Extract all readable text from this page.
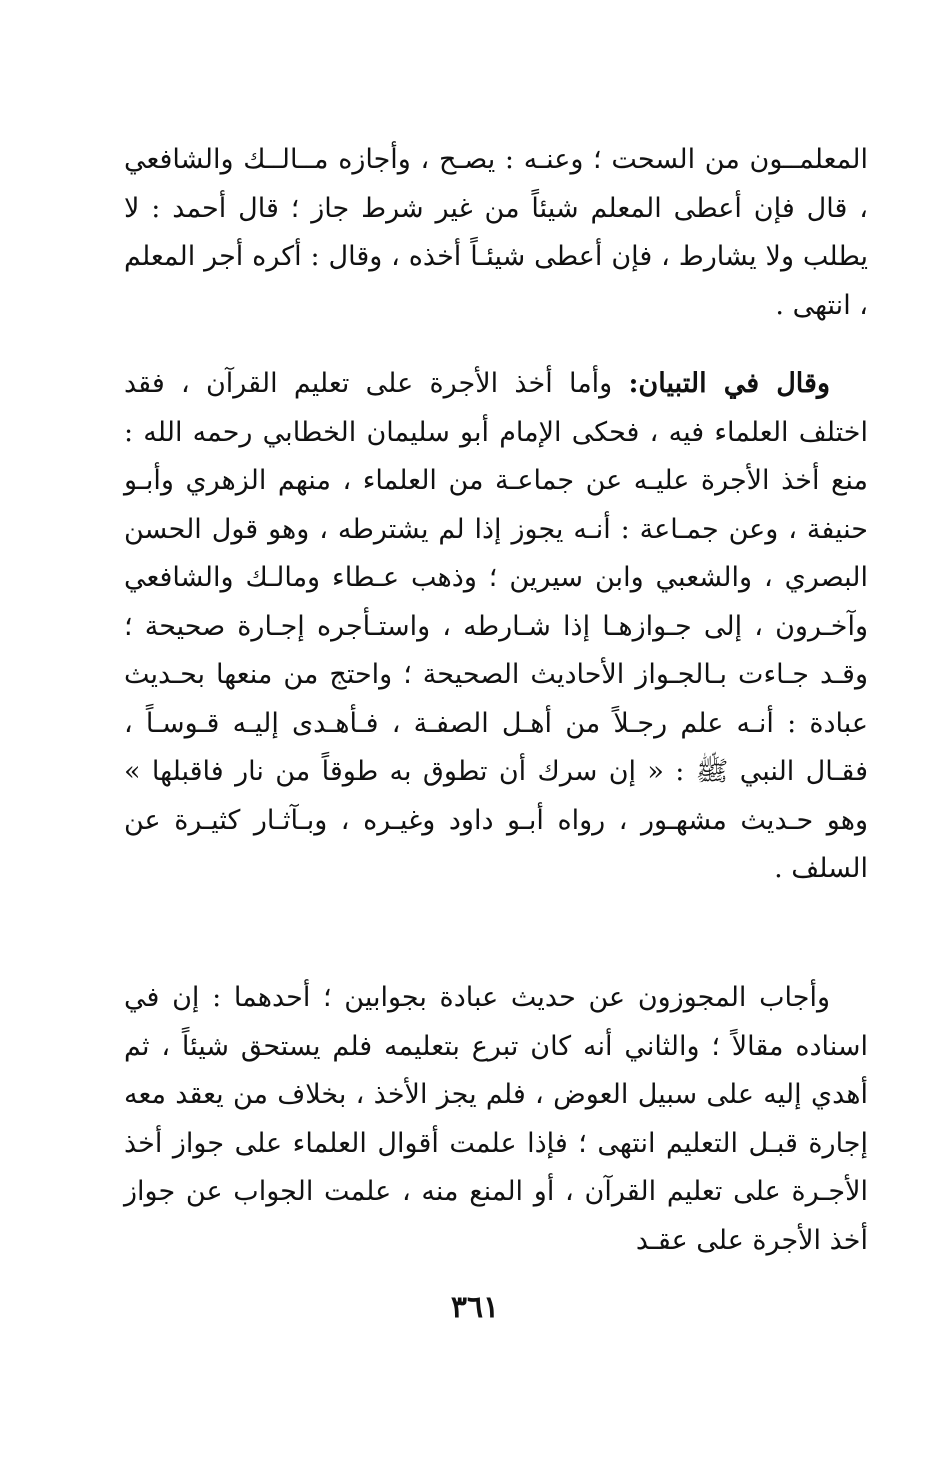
المعلمــون من السحت ؛ وعنـه : يصـح ، وأجازه مــالــك والشافعي ، قال فإن أعطى المعلم شيئاً من غير شرط جاز ؛ قال أحمد : لا يطلب ولا يشارط ، فإن أعطى شيئـاً أخذه ، وقال : أكره أجر المعلم ، انتهى .

وقال في التبيان: وأما أخذ الأجرة على تعليم القرآن ، فقد اختلف العلماء فيه ، فحكى الإمام أبو سليمان الخطابي رحمه الله : منع أخذ الأجرة عليـه عن جماعـة من العلماء ، منهم الزهري وأبـو حنيفة ، وعن جمـاعة : أنـه يجوز إذا لم يشترطه ، وهو قول الحسن البصري ، والشعبي وابن سيرين ؛ وذهب عـطاء ومالـك والشافعي وآخـرون ، إلى جـوازهـا إذا شـارطه ، واستـأجره إجـارة صحيحة ؛ وقـد جـاءت بـالجـواز الأحاديث الصحيحة ؛ واحتج من منعها بحـديث عبادة : أنـه علم رجـلاً من أهـل الصفـة ، فـأهـدى إليـه قـوسـاً ، فقـال النبي ﷺ : « إن سرك أن تطوق به طوقاً من نار فاقبلها » وهو حـديث مشهـور ، رواه أبـو داود وغيـره ، وبـآثـار كثيـرة عن السلف .

وأجاب المجوزون عن حديث عبادة بجوابين ؛ أحدهما : إن في اسناده مقالاً ؛ والثاني أنه كان تبرع بتعليمه فلم يستحق شيئاً ، ثم أهدي إليه على سبيل العوض ، فلم يجز الأخذ ، بخلاف من يعقد معه إجارة قبـل التعليم انتهى ؛ فإذا علمت أقوال العلماء على جواز أخذ الأجـرة على تعليم القرآن ، أو المنع منه ، علمت الجواب عن جواز أخذ الأجرة على عقـد

٣٦١
